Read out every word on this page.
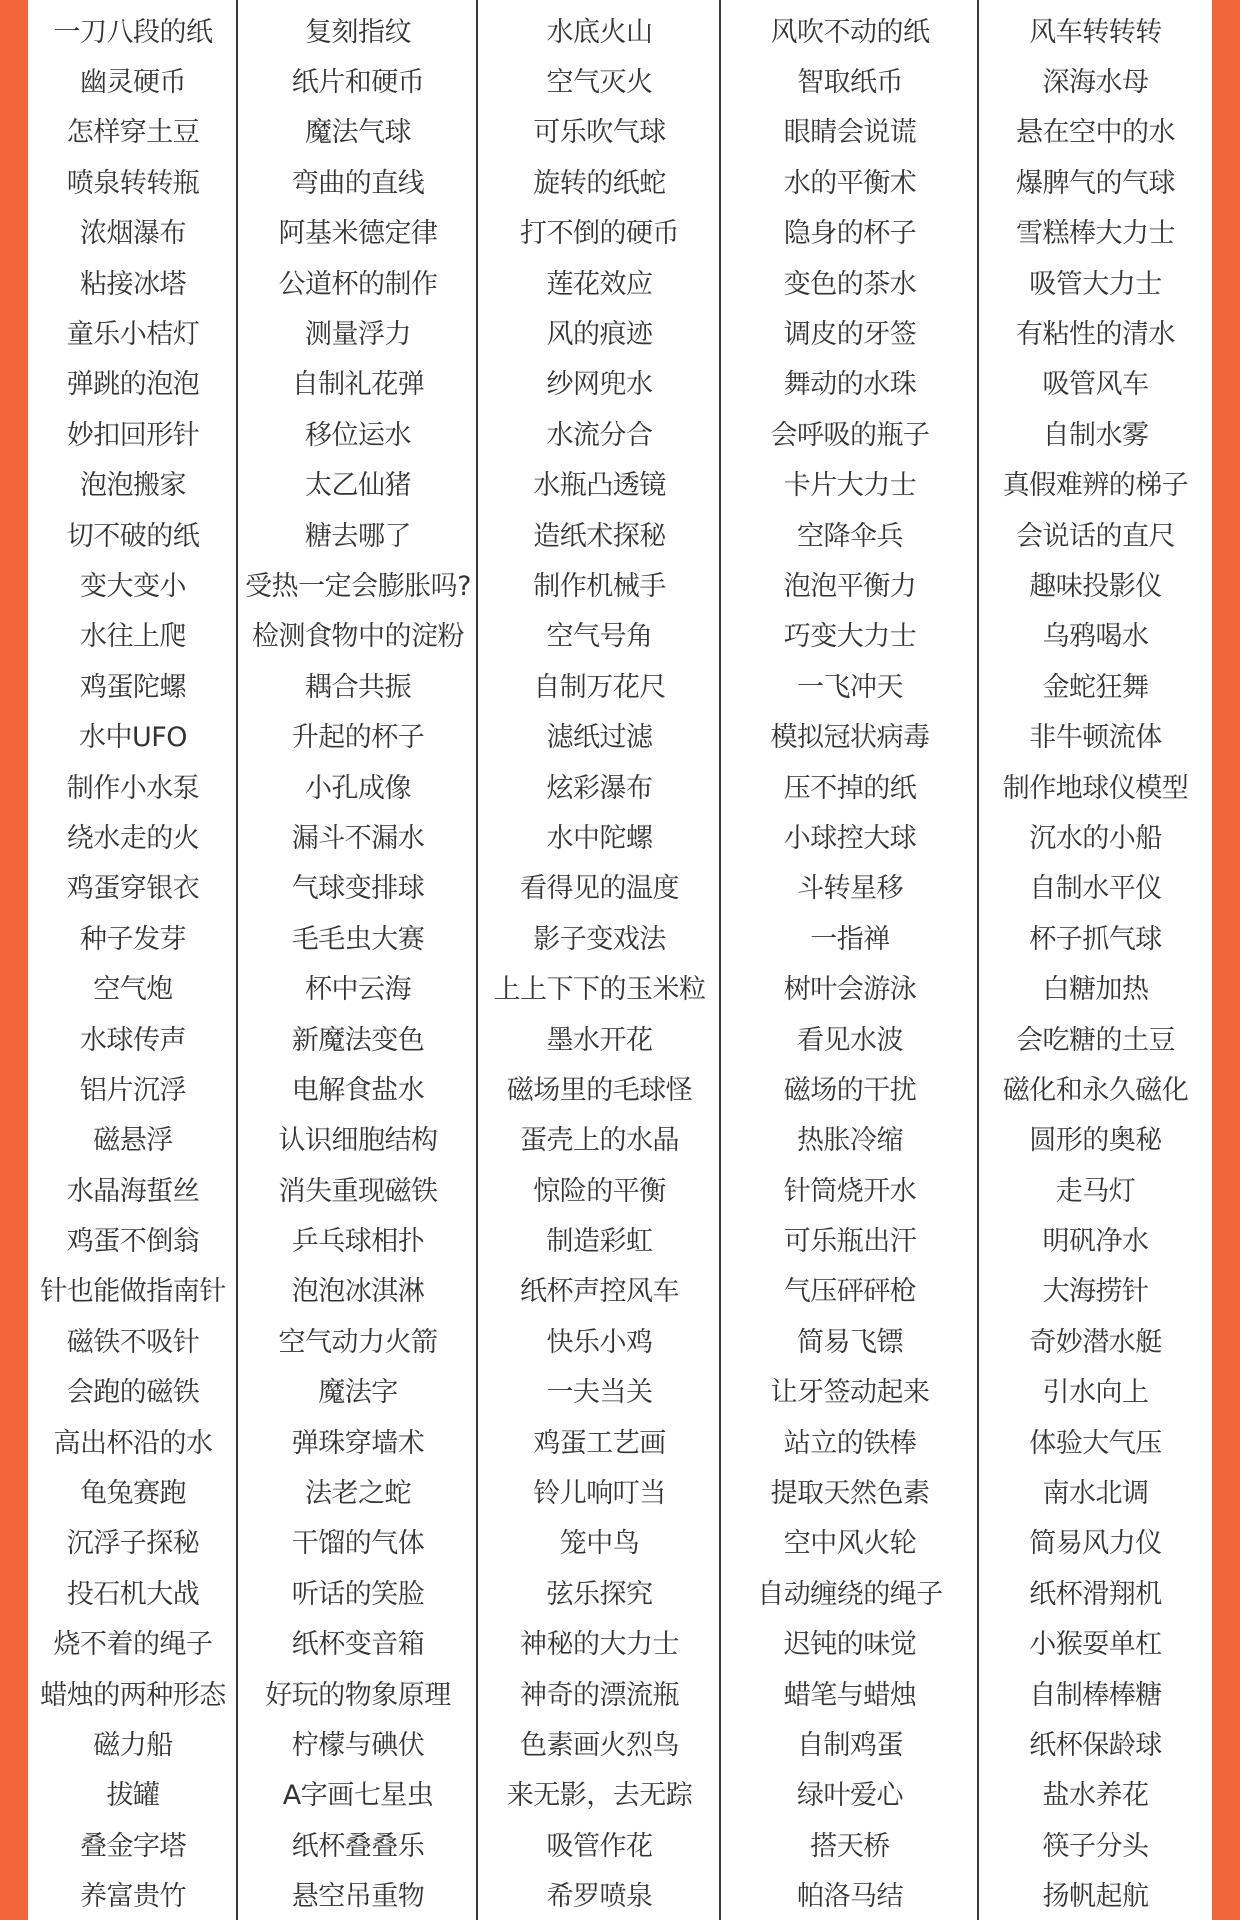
一刀八段的纸	复刻指纹	水底火山	风吹不动的纸	风车转转转
幽灵硬币	纸片和硬币	空气灭火	智取纸币	深海水母
怎样穿土豆	魔法气球	可乐吹气球	眼睛会说谎	悬在空中的水
喷泉转转瓶	弯曲的直线	旋转的纸蛇	水的平衡术	爆脾气的气球
浓烟瀑布	阿基米德定律	打不倒的硬币	隐身的杯子	雪糕棒大力士
粘接冰塔	公道杯的制作	莲花效应	变色的茶水	吸管大力士
童乐小桔灯	测量浮力	风的痕迹	调皮的牙签	有粘性的清水
弹跳的泡泡	自制礼花弹	纱网兜水	舞动的水珠	吸管风车
妙扣回形针	移位运水	水流分合	会呼吸的瓶子	自制水雾
泡泡搬家	太乙仙猪	水瓶凸透镜	卡片大力士	真假难辨的梯子
切不破的纸	糖去哪了	造纸术探秘	空降伞兵	会说话的直尺
变大变小	受热一定会膨胀吗?	制作机械手	泡泡平衡力	趣味投影仪
水往上爬	检测食物中的淀粉	空气号角	巧变大力士	乌鸦喝水
鸡蛋陀螺	耦合共振	自制万花尺	一飞冲天	金蛇狂舞
水中UFO	升起的杯子	滤纸过滤	模拟冠状病毒	非牛顿流体
制作小水泵	小孔成像	炫彩瀑布	压不掉的纸	制作地球仪模型
绕水走的火	漏斗不漏水	水中陀螺	小球控大球	沉水的小船
鸡蛋穿银衣	气球变排球	看得见的温度	斗转星移	自制水平仪
种子发芽	毛毛虫大赛	影子变戏法	一指禅	杯子抓气球
空气炮	杯中云海	上上下下的玉米粒	树叶会游泳	白糖加热
水球传声	新魔法变色	墨水开花	看见水波	会吃糖的土豆
铝片沉浮	电解食盐水	磁场里的毛球怪	磁场的干扰	磁化和永久磁化
磁悬浮	认识细胞结构	蛋壳上的水晶	热胀冷缩	圆形的奥秘
水晶海蜇丝	消失重现磁铁	惊险的平衡	针筒烧开水	走马灯
鸡蛋不倒翁	乒乓球相扑	制造彩虹	可乐瓶出汗	明矾净水
针也能做指南针	泡泡冰淇淋	纸杯声控风车	气压砰砰枪	大海捞针
磁铁不吸针	空气动力火箭	快乐小鸡	简易飞镖	奇妙潜水艇
会跑的磁铁	魔法字	一夫当关	让牙签动起来	引水向上
高出杯沿的水	弹珠穿墙术	鸡蛋工艺画	站立的铁棒	体验大气压
龟兔赛跑	法老之蛇	铃儿响叮当	提取天然色素	南水北调
沉浮子探秘	干馏的气体	笼中鸟	空中风火轮	简易风力仪
投石机大战	听话的笑脸	弦乐探究	自动缠绕的绳子	纸杯滑翔机
烧不着的绳子	纸杯变音箱	神秘的大力士	迟钝的味觉	小猴耍单杠
蜡烛的两种形态	好玩的物象原理	神奇的漂流瓶	蜡笔与蜡烛	自制棒棒糖
磁力船	柠檬与碘伏	色素画火烈鸟	自制鸡蛋	纸杯保龄球
拔罐	A字画七星虫	来无影，去无踪	绿叶爱心	盐水养花
叠金字塔	纸杯叠叠乐	吸管作花	搭天桥	筷子分头
养富贵竹	悬空吊重物	希罗喷泉	帕洛马结	扬帆起航
